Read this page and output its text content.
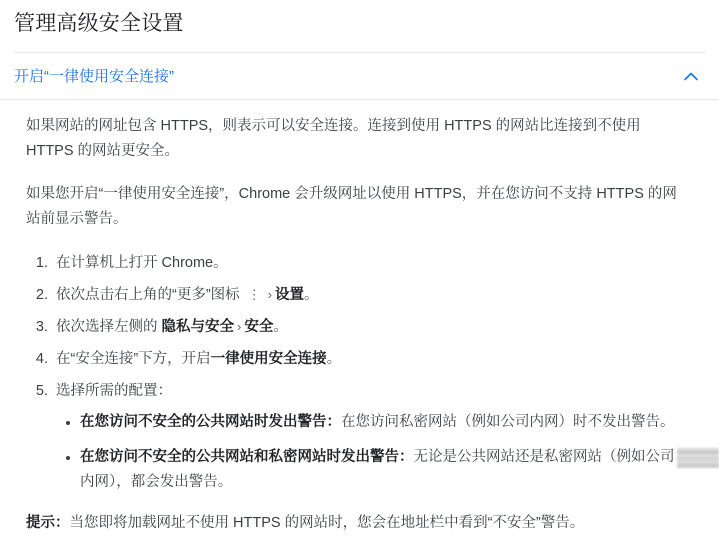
管理高级安全设置
开启“一律使用安全连接”

如果网站的网址包含 HTTPS，则表示可以安全连接。连接到使用 HTTPS 的网站比连接到不使用 HTTPS 的网站更安全。

如果您开启“一律使用安全连接”，Chrome 会升级网址以使用 HTTPS，并在您访问不支持 HTTPS 的网站前显示警告。

1. 在计算机上打开 Chrome。
2. 依次点击右上角的“更多”图标 ⋮ › 设置。
3. 依次选择左侧的 隐私与安全 › 安全。
4. 在“安全连接”下方，开启一律使用安全连接。
5. 选择所需的配置：
在您访问不安全的公共网站时发出警告：在您访问私密网站（例如公司内网）时不发出警告。
在您访问不安全的公共网站和私密网站时发出警告：无论是公共网站还是私密网站（例如公司内网），都会发出警告。
提示：当您即将加载网址不使用 HTTPS 的网站时，您会在地址栏中看到“不安全”警告。
